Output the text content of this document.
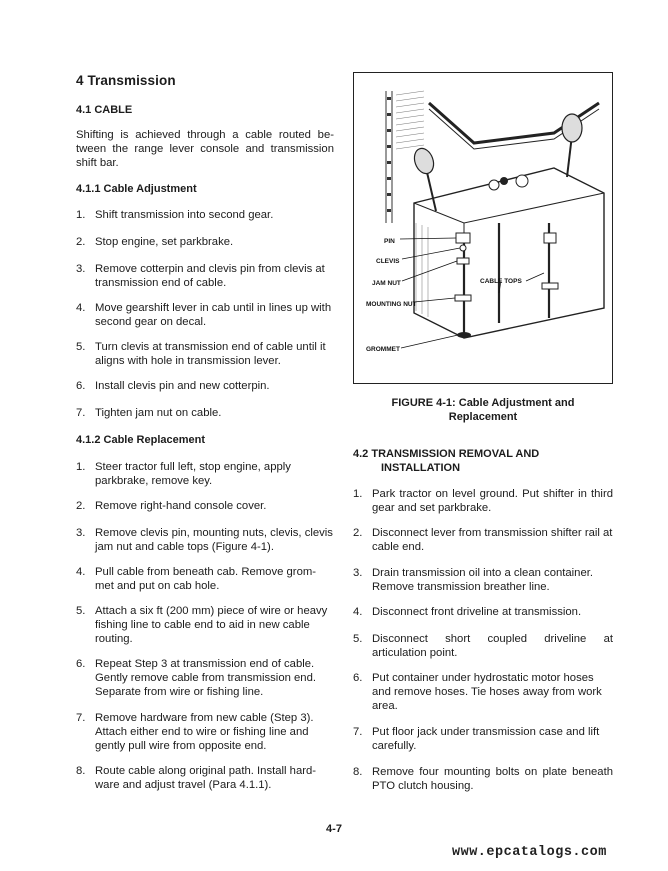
4 Transmission
4.1 CABLE
Shifting is achieved through a cable routed be- tween the range lever console and transmission shift bar.
4.1.1 Cable Adjustment
1. Shift transmission into second gear.
2. Stop engine, set parkbrake.
3. Remove cotterpin and clevis pin from clevis at transmission end of cable.
4. Move gearshift lever in cab until in lines up with second gear on decal.
5. Turn clevis at transmission end of cable until it aligns with hole in transmission lever.
6. Install clevis pin and new cotterpin.
7. Tighten jam nut on cable.
4.1.2 Cable Replacement
1. Steer tractor full left, stop engine, apply parkbrake, remove key.
2. Remove right-hand console cover.
3. Remove clevis pin, mounting nuts, clevis, clevis jam nut and cable tops (Figure 4-1).
4. Pull cable from beneath cab. Remove grom- met and put on cab hole.
5. Attach a six ft (200 mm) piece of wire or heavy fishing line to cable end to aid in new cable routing.
6. Repeat Step 3 at transmission end of cable. Gently remove cable from transmission end. Separate from wire or fishing line.
7. Remove hardware from new cable (Step 3). Attach either end to wire or fishing line and gently pull wire from opposite end.
8. Route cable along original path. Install hard- ware and adjust travel (Para 4.1.1).
PIN
CLEVIS
JAM NUT
MOUNTING NUT
GROMMET
CABLE TOPS
FIGURE 4-1: Cable Adjustment and
Replacement
4.2 TRANSMISSION REMOVAL AND
INSTALLATION
1. Park tractor on level ground. Put shifter in third gear and set parkbrake.
2. Disconnect lever from transmission shifter rail at cable end.
3. Drain transmission oil into a clean container. Remove transmission breather line.
4. Disconnect front driveline at transmission.
5. Disconnect short coupled driveline at articulation point.
6. Put container under hydrostatic motor hoses and remove hoses. Tie hoses away from work area.
7. Put floor jack under transmission case and lift carefully.
8. Remove four mounting bolts on plate beneath PTO clutch housing.
4-7
www.epcatalogs.com
